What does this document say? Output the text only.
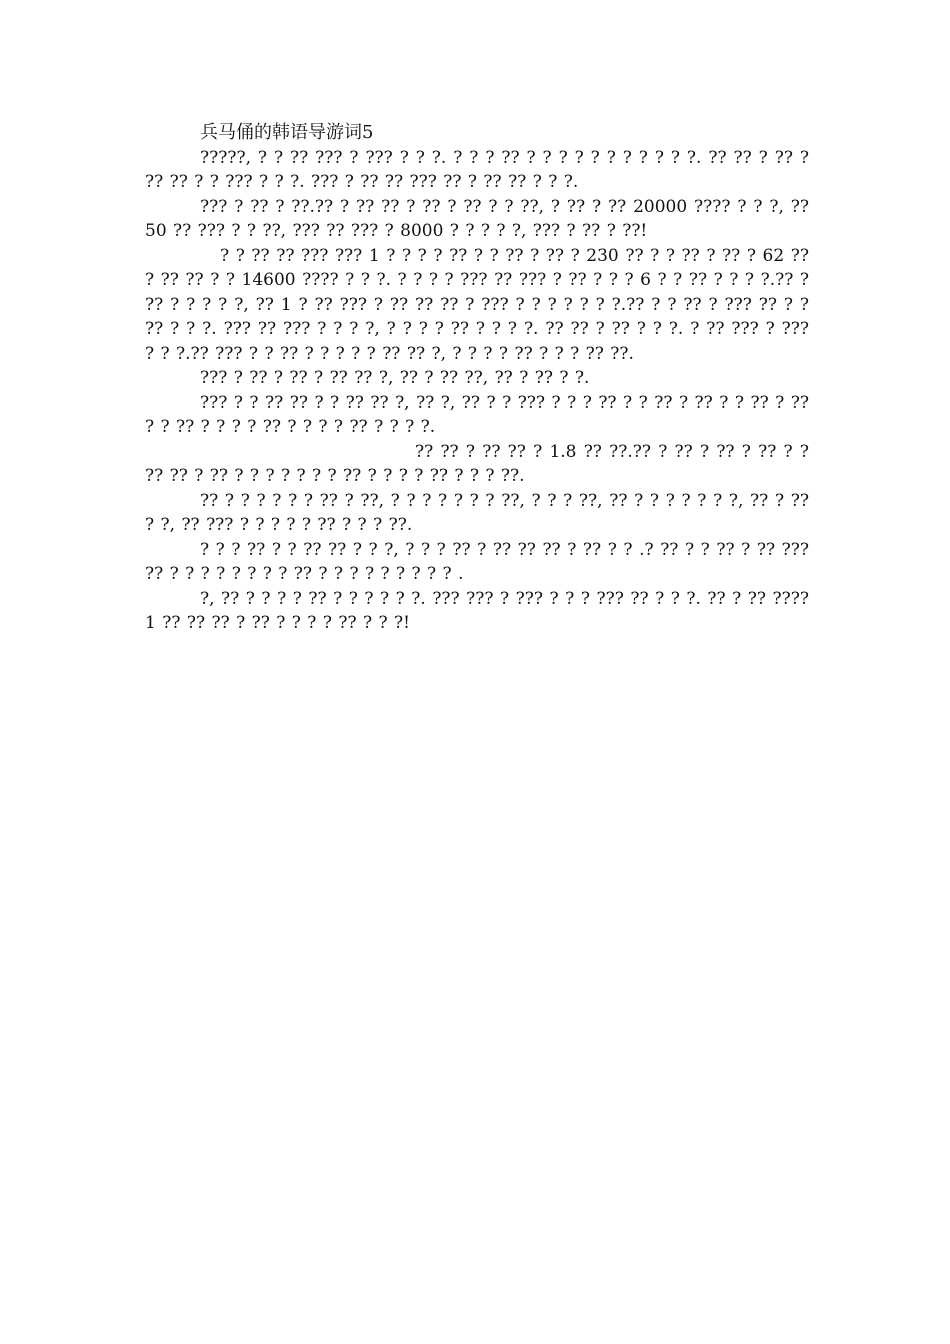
兵马俑的韩语导游词5

?????, ? ? ?? ??? ? ??? ? ? ?. ? ? ? ?? ? ? ? ? ? ? ? ? ? ? ?. ?? ?? ? ?? ? ?? ?? ? ? ??? ? ? ?. ??? ? ?? ?? ??? ?? ? ?? ?? ? ? ?.

??? ? ?? ? ??.?? ? ?? ?? ? ?? ? ?? ? ? ??, ? ?? ? ?? 20000 ???? ? ? ?, ??50 ?? ??? ? ? ??, ??? ?? ??? ? 8000 ? ? ? ? ?, ??? ? ?? ? ??!

? ? ?? ?? ??? ??? 1 ? ? ? ? ?? ? ? ?? ? ?? ? 230 ?? ? ? ?? ? ?? ? 62 ?? ? ?? ?? ? ? 14600 ???? ? ? ?. ? ? ? ? ??? ?? ??? ? ?? ? ? ? 6 ? ? ?? ? ? ? ?.?? ? ?? ? ? ? ? ?, ?? 1 ? ?? ??? ? ?? ?? ?? ? ??? ? ? ? ? ? ? ?.?? ? ? ?? ? ??? ?? ? ? ?? ? ? ?. ??? ?? ??? ? ? ? ?, ? ? ? ? ?? ? ? ? ?. ?? ?? ? ?? ? ? ?. ? ?? ??? ? ??? ? ? ?.?? ??? ? ? ?? ? ? ? ? ? ?? ?? ?, ? ? ? ? ?? ? ? ? ?? ??.

??? ? ?? ? ?? ? ?? ?? ?, ?? ? ?? ??, ?? ? ?? ? ?.

??? ? ? ?? ?? ? ? ?? ?? ?, ?? ?, ?? ? ? ??? ? ? ? ?? ? ? ?? ? ?? ? ? ?? ? ?? ? ? ?? ? ? ? ? ?? ? ? ? ? ?? ? ? ? ?.

?? ?? ? ?? ?? ? 1.8 ?? ??.?? ? ?? ? ?? ? ?? ? ? ?? ?? ? ?? ? ? ? ? ? ? ? ?? ? ? ? ? ?? ? ? ? ??.

?? ? ? ? ? ? ? ?? ? ??, ? ? ? ? ? ? ? ??, ? ? ? ??, ?? ? ? ? ? ? ? ?, ?? ? ?? ? ?, ?? ??? ? ? ? ? ? ?? ? ? ? ??.

? ? ? ?? ? ? ?? ?? ? ? ?, ? ? ? ?? ? ?? ?? ?? ? ?? ? ? .? ?? ? ? ?? ? ?? ??? ?? ? ? ? ? ? ? ? ? ?? ? ? ? ? ? ? ? ? ? .

?, ?? ? ? ? ? ?? ? ? ? ? ? ?. ??? ??? ? ??? ? ? ? ??? ?? ? ? ?. ?? ? ?? ???? 1 ?? ?? ?? ? ?? ? ? ? ? ?? ? ? ?!
